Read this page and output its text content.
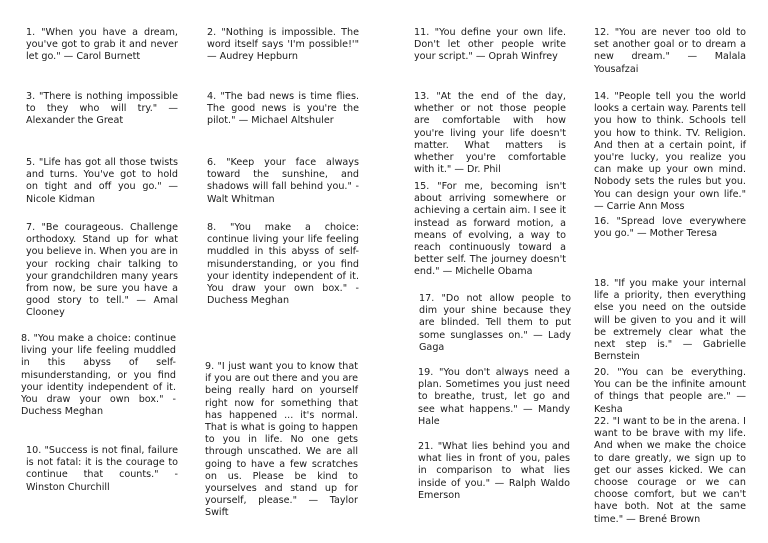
1. "When you have a dream, you've got to grab it and never let go." — Carol Burnett

3. "There is nothing impossible to they who will try." — Alexander the Great

5. "Life has got all those twists and turns. You've got to hold on tight and off you go." — Nicole Kidman

7. "Be courageous. Challenge orthodoxy. Stand up for what you believe in. When you are in your rocking chair talking to your grandchildren many years from now, be sure you have a good story to tell." — Amal Clooney

8. "You make a choice: continue living your life feeling muddled in this abyss of self-misunderstanding, or you find your identity independent of it. You draw your own box." - Duchess Meghan

10. "Success is not final, failure is not fatal: it is the courage to continue that counts." - Winston Churchill

2. "Nothing is impossible. The word itself says 'I'm possible!'" — Audrey Hepburn

4. "The bad news is time flies. The good news is you're the pilot." — Michael Altshuler

6. "Keep your face always toward the sunshine, and shadows will fall behind you." - Walt Whitman

8. "You make a choice: continue living your life feeling muddled in this abyss of self-misunderstanding, or you find your identity independent of it. You draw your own box." - Duchess Meghan

9. "I just want you to know that if you are out there and you are being really hard on yourself right now for something that has happened ... it's normal. That is what is going to happen to you in life. No one gets through unscathed. We are all going to have a few scratches on us. Please be kind to yourselves and stand up for yourself, please." — Taylor Swift

11. "You define your own life. Don't let other people write your script." — Oprah Winfrey

13. "At the end of the day, whether or not those people are comfortable with how you're living your life doesn't matter. What matters is whether you're comfortable with it." — Dr. Phil

15. "For me, becoming isn't about arriving somewhere or achieving a certain aim. I see it instead as forward motion, a means of evolving, a way to reach continuously toward a better self. The journey doesn't end." — Michelle Obama

17. "Do not allow people to dim your shine because they are blinded. Tell them to put some sunglasses on." — Lady Gaga

19. "You don't always need a plan. Sometimes you just need to breathe, trust, let go and see what happens." — Mandy Hale

21. "What lies behind you and what lies in front of you, pales in comparison to what lies inside of you." — Ralph Waldo Emerson

12. "You are never too old to set another goal or to dream a new dream." — Malala Yousafzai

14. "People tell you the world looks a certain way. Parents tell you how to think. Schools tell you how to think. TV. Religion. And then at a certain point, if you're lucky, you realize you can make up your own mind. Nobody sets the rules but you. You can design your own life." — Carrie Ann Moss

16. "Spread love everywhere you go." — Mother Teresa

18. "If you make your internal life a priority, then everything else you need on the outside will be given to you and it will be extremely clear what the next step is." — Gabrielle Bernstein

20. "You can be everything. You can be the infinite amount of things that people are." — Kesha

22. "I want to be in the arena. I want to be brave with my life. And when we make the choice to dare greatly, we sign up to get our asses kicked. We can choose courage or we can choose comfort, but we can't have both. Not at the same time." — Brené Brown
